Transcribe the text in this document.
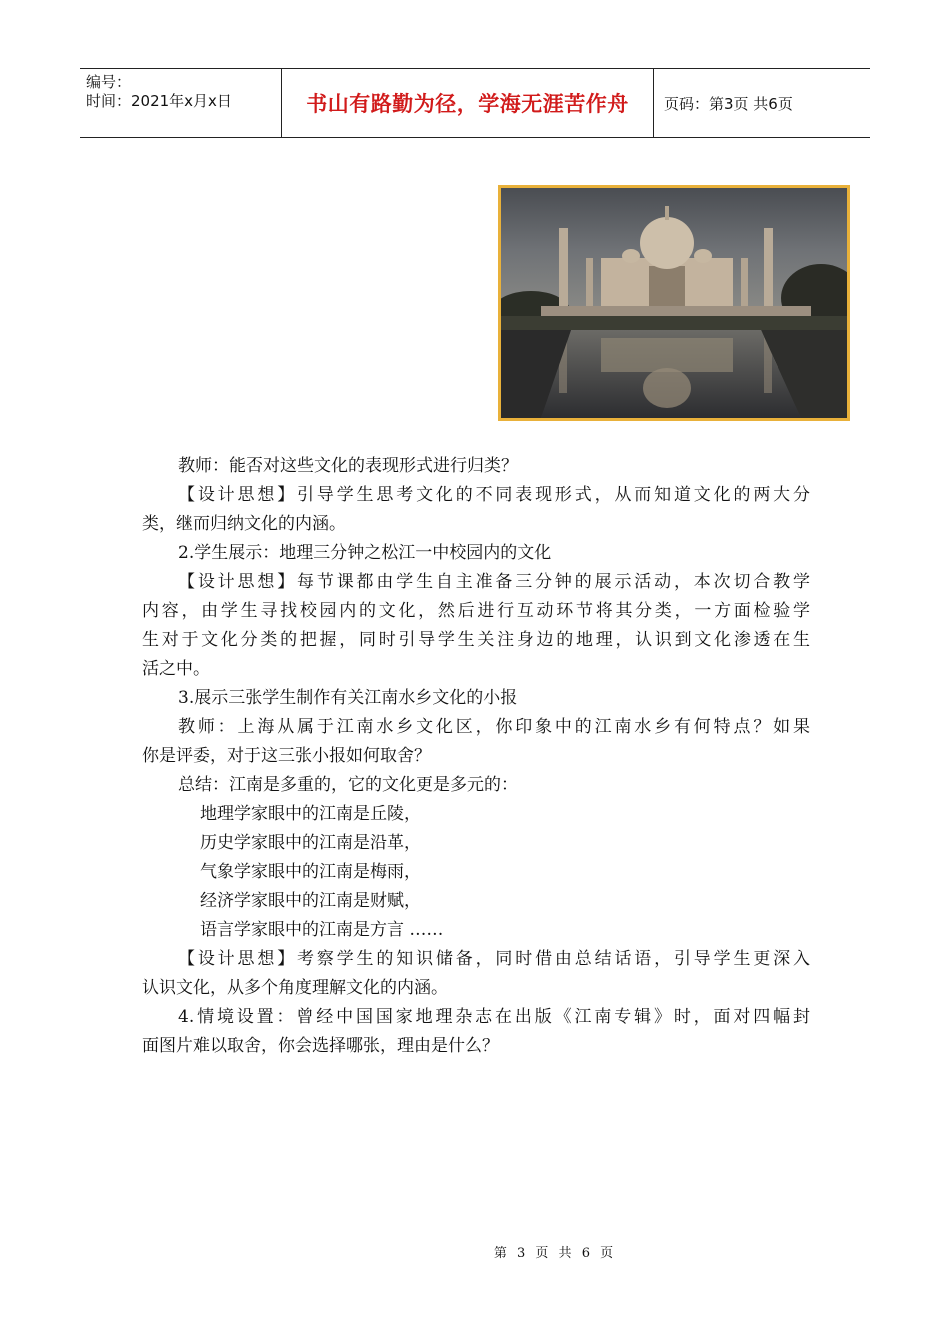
编号：
时间：2021年x月x日	书山有路勤为径，学海无涯苦作舟 页码：第3页 共6页
教师：能否对这些文化的表现形式进行归类？
【设计思想】引导学生思考文化的不同表现形式，从而知道文化的两大分
类，继而归纳文化的内涵。
2.学生展示：地理三分钟之松江一中校园内的文化
【设计思想】每节课都由学生自主准备三分钟的展示活动，本次切合教学
内容，由学生寻找校园内的文化，然后进行互动环节将其分类，一方面检验学
生对于文化分类的把握，同时引导学生关注身边的地理，认识到文化渗透在生
活之中。
3.展示三张学生制作有关江南水乡文化的小报
教师：上海从属于江南水乡文化区，你印象中的江南水乡有何特点？如果
你是评委，对于这三张小报如何取舍？
总结：江南是多重的，它的文化更是多元的：
地理学家眼中的江南是丘陵，
历史学家眼中的江南是沿革，
气象学家眼中的江南是梅雨，
经济学家眼中的江南是财赋，
语言学家眼中的江南是方言 ……
【设计思想】考察学生的知识储备，同时借由总结话语，引导学生更深入
认识文化，从多个角度理解文化的内涵。
4.情境设置：曾经中国国家地理杂志在出版《江南专辑》时，面对四幅封
面图片难以取舍，你会选择哪张，理由是什么？
第 3 页 共 6 页
